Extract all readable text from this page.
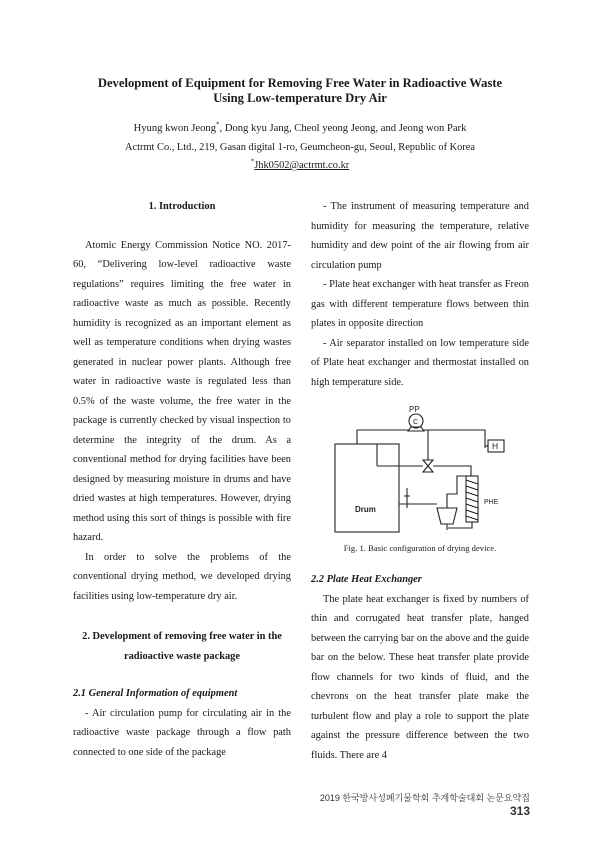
Development of Equipment for Removing Free Water in Radioactive Waste
Using Low-temperature Dry Air
Hyung kwon Jeong*, Dong kyu Jang, Cheol yeong Jeong, and Jeong won Park
Actrmt Co., Ltd., 219, Gasan digital 1-ro, Geumcheon-gu, Seoul, Republic of Korea
*Jhk0502@actrmt.co.kr
1. Introduction

Atomic Energy Commission Notice NO. 2017-60, “Delivering low-level radioactive waste regulations” requires limiting the free water in radioactive waste as much as possible. Recently humidity is recognized as an important element as well as temperature conditions when drying wastes generated in nuclear power plants. Although free water in radioactive waste is regulated less than 0.5% of the waste volume, the free water in the package is currently checked by visual inspection to determine the integrity of the drum. As a conventional method for drying facilities have been designed by measuring moisture in drums and have dried wastes at high temperatures. However, drying method using this sort of things is possible with fire hazard.

In order to solve the problems of the conventional drying method, we developed drying facilities using low-temperature dry air.

2. Development of removing free water in the
radioactive waste package
2.1 General Information of equipment

- Air circulation pump for circulating air in the radioactive waste package through a flow path connected to one side of the package

- The instrument of measuring temperature and humidity for measuring the temperature, relative humidity and dew point of the air flowing from air circulation pump

- Plate heat exchanger with heat transfer as Freon gas with different temperature flows between thin plates in opposite direction

- Air separator installed on low temperature side of Plate heat exchanger and thermostat installed on high temperature side.

PP
C
H
Drum
PHE
Fig. 1. Basic configuration of drying device.
2.2 Plate Heat Exchanger

The plate heat exchanger is fixed by numbers of thin and corrugated heat transfer plate, hanged between the carrying bar on the above and the guide bar on the below. These heat transfer plate provide flow channels for two kinds of fluid, and the chevrons on the heat transfer plate make the turbulent flow and play a role to support the plate against the pressure difference between the two fluids. There are 4

2019 한국방사성폐기물학회 추계학술대회 논문요약집313
